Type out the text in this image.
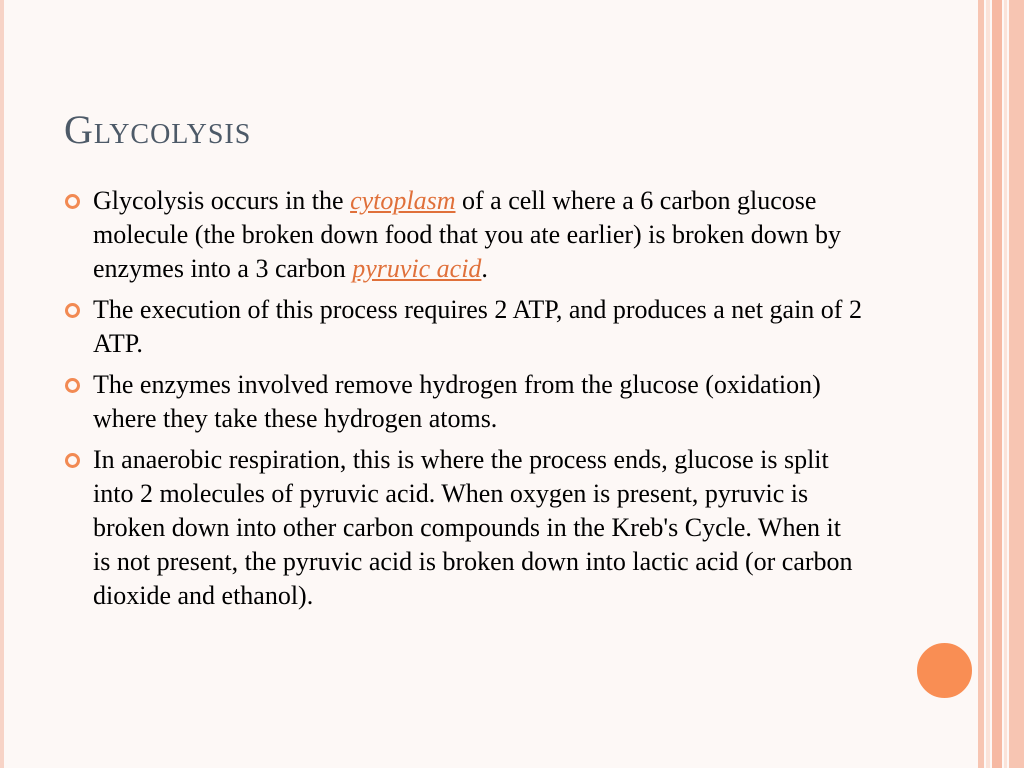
Glycolysis
Glycolysis occurs in the cytoplasm of a cell where a 6 carbon glucose molecule (the broken down food that you ate earlier) is broken down by enzymes into a 3 carbon pyruvic acid.
The execution of this process requires 2 ATP, and produces a net gain of 2 ATP.
The enzymes involved remove hydrogen from the glucose (oxidation) where they take these hydrogen atoms.
In anaerobic respiration, this is where the process ends, glucose is split into 2 molecules of pyruvic acid. When oxygen is present, pyruvic is broken down into other carbon compounds in the Kreb's Cycle. When it is not present, the pyruvic acid is broken down into lactic acid (or carbon dioxide and ethanol).
